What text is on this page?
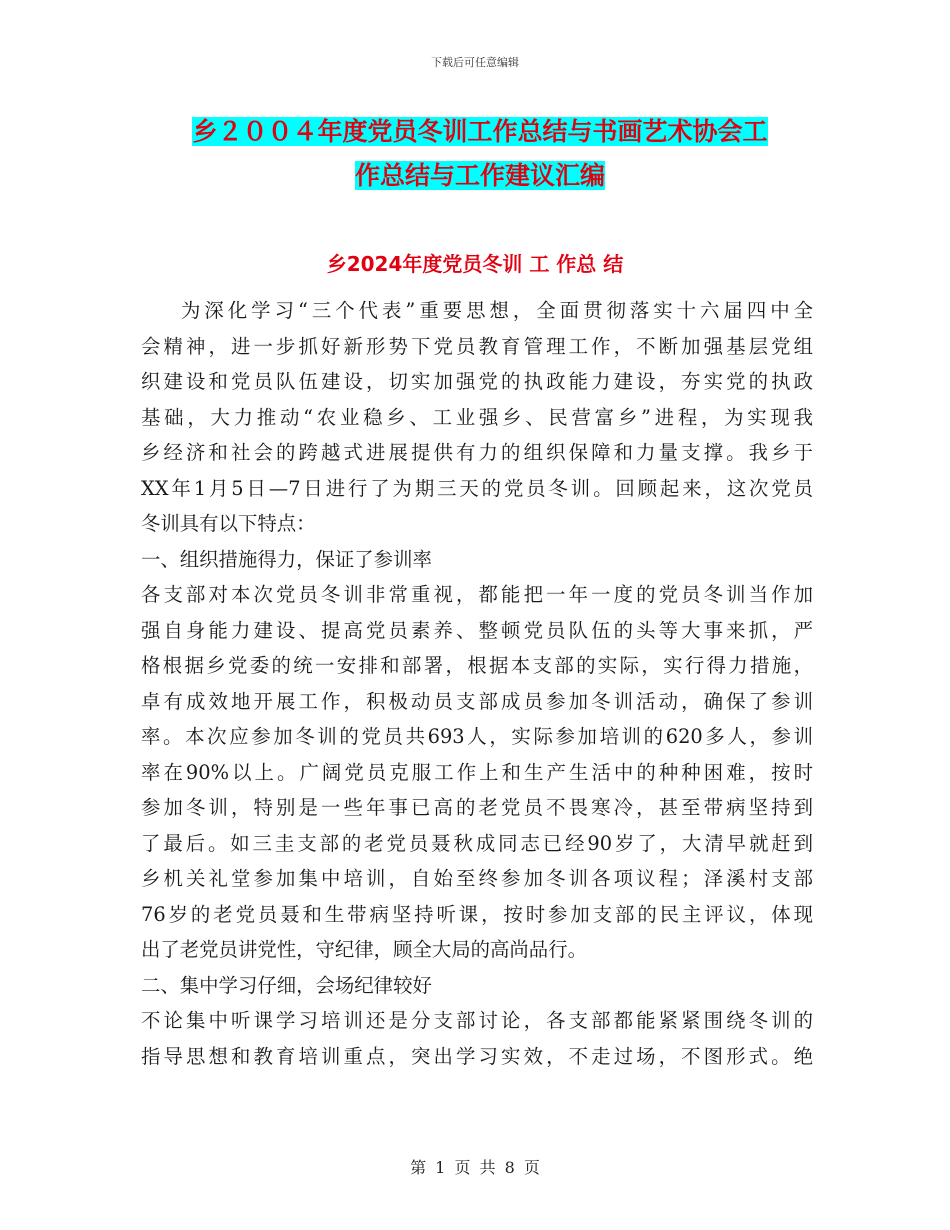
下载后可任意编辑
乡２００４年度党员冬训工作总结与书画艺术协会工
作总结与工作建议汇编
乡2024年度党员冬训 工 作总 结
为深化学习“三个代表”重要思想，全面贯彻落实十六届四中全
会精神，进一步抓好新形势下党员教育管理工作，不断加强基层党组
织建设和党员队伍建设，切实加强党的执政能力建设，夯实党的执政
基础，大力推动“农业稳乡、工业强乡、民营富乡”进程，为实现我
乡经济和社会的跨越式进展提供有力的组织保障和力量支撑。我乡于
XX年1月5日—7日进行了为期三天的党员冬训。回顾起来，这次党员
冬训具有以下特点：　
一、组织措施得力，保证了参训率
各支部对本次党员冬训非常重视，都能把一年一度的党员冬训当作加
强自身能力建设、提高党员素养、整顿党员队伍的头等大事来抓，严
格根据乡党委的统一安排和部署，根据本支部的实际，实行得力措施，
卓有成效地开展工作，积极动员支部成员参加冬训活动，确保了参训
率。本次应参加冬训的党员共693人，实际参加培训的620多人，参训
率在90%以上。广阔党员克服工作上和生产生活中的种种困难，按时
参加冬训，特别是一些年事已高的老党员不畏寒冷，甚至带病坚持到
了最后。如三圭支部的老党员聂秋成同志已经90岁了，大清早就赶到
乡机关礼堂参加集中培训，自始至终参加冬训各项议程；泽溪村支部
76岁的老党员聂和生带病坚持听课，按时参加支部的民主评议，体现
出了老党员讲党性，守纪律，顾全大局的高尚品行。　
二、集中学习仔细，会场纪律较好
不论集中听课学习培训还是分支部讨论，各支部都能紧紧围绕冬训的
指导思想和教育培训重点，突出学习实效，不走过场，不图形式。绝
第 1 页 共 8 页
